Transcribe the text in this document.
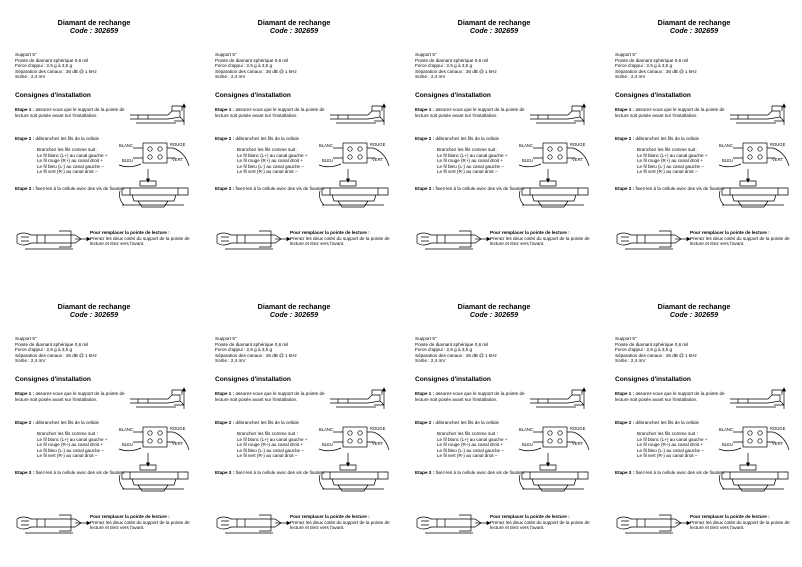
Diamant de rechange
Code : 302659
Support 5"
Pointe de diamant sphérique 0,6 mil
Force d'appui : 2,5 g à 3,5 g
Séparation des canaux : 26 dB @ 1 kHz
Sortie : 2,4 mV
Consignes d'installation
Etape 1 : assurez-vous que le support de la pointe de lecture soit posée avant sur l'installation.
Etape 2 : débranchez les fils de la cellule
Branchez les fils comme suit :
Le fil blanc (L+) au canal gauche +
Le fil rouge (R+) au canal droit +
Le fil bleu (L-) au canal gauche –
Le fil vert (R-) au canal droit –
BLANC	ROUGE
BLEU	VERT
Etape 3 : fixez-les à la cellule avec des vis de fixation.
Pour remplacer la pointe de lecture :
Prenez les deux cotés du support de la pointe de lecture et tirez vers l'avant.
Diamant de rechange
Code : 302659
Support 5"
Pointe de diamant sphérique 0,6 mil
Force d'appui : 2,5 g à 3,5 g
Séparation des canaux : 26 dB @ 1 kHz
Sortie : 2,4 mV
Consignes d'installation
Etape 1 : assurez-vous que le support de la pointe de lecture soit posée avant sur l'installation.
Etape 2 : débranchez les fils de la cellule
Branchez les fils comme suit :
Le fil blanc (L+) au canal gauche +
Le fil rouge (R+) au canal droit +
Le fil bleu (L-) au canal gauche –
Le fil vert (R-) au canal droit –
BLANC	ROUGE
BLEU	VERT
Etape 3 : fixez-les à la cellule avec des vis de fixation.
Pour remplacer la pointe de lecture :
Prenez les deux cotés du support de la pointe de lecture et tirez vers l'avant.
Diamant de rechange
Code : 302659
Support 5"
Pointe de diamant sphérique 0,6 mil
Force d'appui : 2,5 g à 3,5 g
Séparation des canaux : 26 dB @ 1 kHz
Sortie : 2,4 mV
Consignes d'installation
Etape 1 : assurez-vous que le support de la pointe de lecture soit posée avant sur l'installation.
Etape 2 : débranchez les fils de la cellule
Branchez les fils comme suit :
Le fil blanc (L+) au canal gauche +
Le fil rouge (R+) au canal droit +
Le fil bleu (L-) au canal gauche –
Le fil vert (R-) au canal droit –
BLANC	ROUGE
BLEU	VERT
Etape 3 : fixez-les à la cellule avec des vis de fixation.
Pour remplacer la pointe de lecture :
Prenez les deux cotés du support de la pointe de lecture et tirez vers l'avant.
Diamant de rechange
Code : 302659
Support 5"
Pointe de diamant sphérique 0,6 mil
Force d'appui : 2,5 g à 3,5 g
Séparation des canaux : 26 dB @ 1 kHz
Sortie : 2,4 mV
Consignes d'installation
Etape 1 : assurez-vous que le support de la pointe de lecture soit posée avant sur l'installation.
Etape 2 : débranchez les fils de la cellule
Branchez les fils comme suit :
Le fil blanc (L+) au canal gauche +
Le fil rouge (R+) au canal droit +
Le fil bleu (L-) au canal gauche –
Le fil vert (R-) au canal droit –
BLANC	ROUGE
BLEU	VERT
Etape 3 : fixez-les à la cellule avec des vis de fixation.
Pour remplacer la pointe de lecture :
Prenez les deux cotés du support de la pointe de lecture et tirez vers l'avant.
Diamant de rechange
Code : 302659
Support 5"
Pointe de diamant sphérique 0,6 mil
Force d'appui : 2,5 g à 3,5 g
Séparation des canaux : 26 dB @ 1 kHz
Sortie : 2,4 mV
Consignes d'installation
Etape 1 : assurez-vous que le support de la pointe de lecture soit posée avant sur l'installation.
Etape 2 : débranchez les fils de la cellule
Branchez les fils comme suit :
Le fil blanc (L+) au canal gauche +
Le fil rouge (R+) au canal droit +
Le fil bleu (L-) au canal gauche –
Le fil vert (R-) au canal droit –
BLANC	ROUGE
BLEU	VERT
Etape 3 : fixez-les à la cellule avec des vis de fixation.
Pour remplacer la pointe de lecture :
Prenez les deux cotés du support de la pointe de lecture et tirez vers l'avant.
Diamant de rechange
Code : 302659
Support 5"
Pointe de diamant sphérique 0,6 mil
Force d'appui : 2,5 g à 3,5 g
Séparation des canaux : 26 dB @ 1 kHz
Sortie : 2,4 mV
Consignes d'installation
Etape 1 : assurez-vous que le support de la pointe de lecture soit posée avant sur l'installation.
Etape 2 : débranchez les fils de la cellule
Branchez les fils comme suit :
Le fil blanc (L+) au canal gauche +
Le fil rouge (R+) au canal droit +
Le fil bleu (L-) au canal gauche –
Le fil vert (R-) au canal droit –
BLANC	ROUGE
BLEU	VERT
Etape 3 : fixez-les à la cellule avec des vis de fixation.
Pour remplacer la pointe de lecture :
Prenez les deux cotés du support de la pointe de lecture et tirez vers l'avant.
Diamant de rechange
Code : 302659
Support 5"
Pointe de diamant sphérique 0,6 mil
Force d'appui : 2,5 g à 3,5 g
Séparation des canaux : 26 dB @ 1 kHz
Sortie : 2,4 mV
Consignes d'installation
Etape 1 : assurez-vous que le support de la pointe de lecture soit posée avant sur l'installation.
Etape 2 : débranchez les fils de la cellule
Branchez les fils comme suit :
Le fil blanc (L+) au canal gauche +
Le fil rouge (R+) au canal droit +
Le fil bleu (L-) au canal gauche –
Le fil vert (R-) au canal droit –
BLANC	ROUGE
BLEU	VERT
Etape 3 : fixez-les à la cellule avec des vis de fixation.
Pour remplacer la pointe de lecture :
Prenez les deux cotés du support de la pointe de lecture et tirez vers l'avant.
Diamant de rechange
Code : 302659
Support 5"
Pointe de diamant sphérique 0,6 mil
Force d'appui : 2,5 g à 3,5 g
Séparation des canaux : 26 dB @ 1 kHz
Sortie : 2,4 mV
Consignes d'installation
Etape 1 : assurez-vous que le support de la pointe de lecture soit posée avant sur l'installation.
Etape 2 : débranchez les fils de la cellule
Branchez les fils comme suit :
Le fil blanc (L+) au canal gauche +
Le fil rouge (R+) au canal droit +
Le fil bleu (L-) au canal gauche –
Le fil vert (R-) au canal droit –
BLANC	ROUGE
BLEU	VERT
Etape 3 : fixez-les à la cellule avec des vis de fixation.
Pour remplacer la pointe de lecture :
Prenez les deux cotés du support de la pointe de lecture et tirez vers l'avant.
